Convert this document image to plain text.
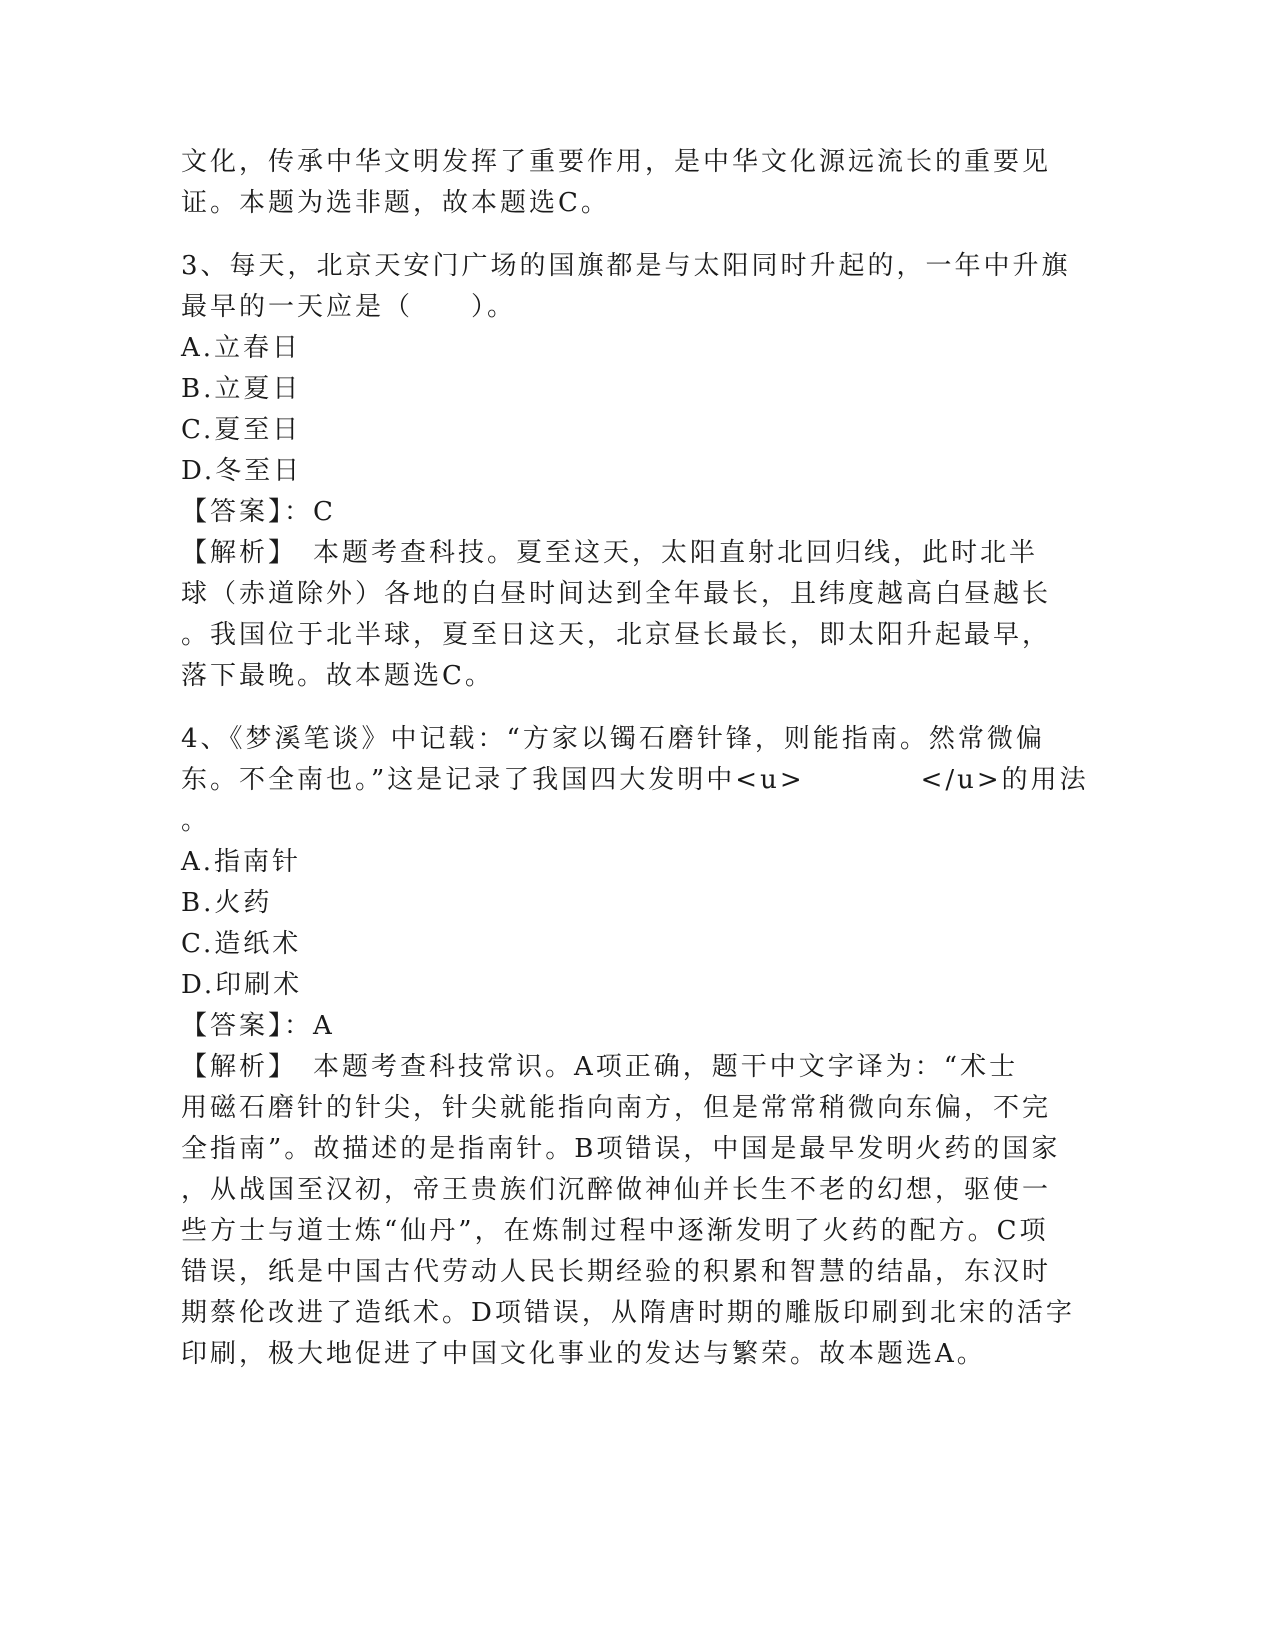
文化，传承中华文明发挥了重要作用，是中华文化源远流长的重要见
证。本题为选非题，故本题选C。
3、每天，北京天安门广场的国旗都是与太阳同时升起的，一年中升旗
最早的一天应是（　　）。
A.立春日
B.立夏日
C.夏至日
D.冬至日
【答案】：C
【解析】　本题考查科技。夏至这天，太阳直射北回归线，此时北半
球（赤道除外）各地的白昼时间达到全年最长，且纬度越高白昼越长
。我国位于北半球，夏至日这天，北京昼长最长，即太阳升起最早，
落下最晚。故本题选C。
4、《梦溪笔谈》中记载：“方家以镯石磨针锋，则能指南。然常微偏
东。不全南也。”这是记录了我国四大发明中<u>　　　　</u>的用法
。
A.指南针
B.火药
C.造纸术
D.印刷术
【答案】：A
【解析】　本题考查科技常识。A项正确，题干中文字译为：“术士
用磁石磨针的针尖，针尖就能指向南方，但是常常稍微向东偏，不完
全指南”。故描述的是指南针。B项错误，中国是最早发明火药的国家
，从战国至汉初，帝王贵族们沉醉做神仙并长生不老的幻想，驱使一
些方士与道士炼“仙丹”，在炼制过程中逐渐发明了火药的配方。C项
错误，纸是中国古代劳动人民长期经验的积累和智慧的结晶，东汉时
期蔡伦改进了造纸术。D项错误，从隋唐时期的雕版印刷到北宋的活字
印刷，极大地促进了中国文化事业的发达与繁荣。故本题选A。
